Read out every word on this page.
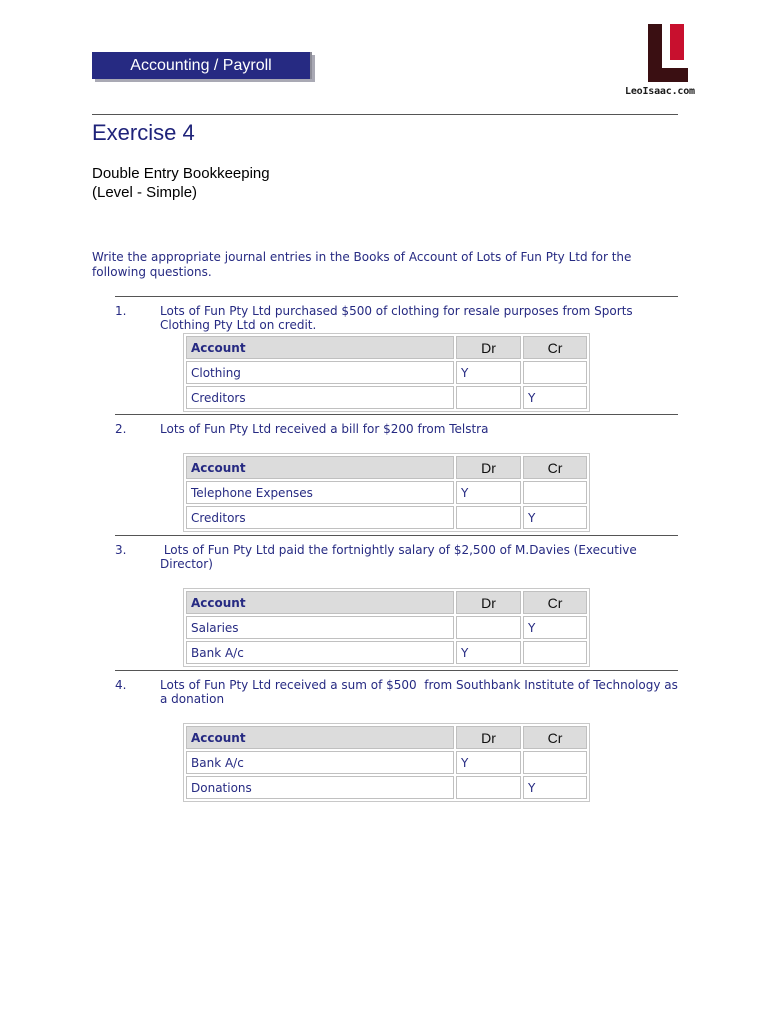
Accounting / Payroll
LeoIsaac.com
Exercise 4
Double Entry Bookkeeping
(Level - Simple)
Write the appropriate journal entries in the Books of Account of Lots of Fun Pty Ltd for the following questions.
1.	Lots of Fun Pty Ltd purchased $500 of clothing for resale purposes from Sports Clothing Pty Ltd on credit.
Account	Dr	Cr
Clothing	Y	
Creditors		Y
2.	Lots of Fun Pty Ltd received a bill for $200 from Telstra
Account	Dr	Cr
Telephone Expenses	Y	
Creditors		Y
3.	Lots of Fun Pty Ltd paid the fortnightly salary of $2,500 of M.Davies (Executive Director)
Account	Dr	Cr
Salaries		Y
Bank A/c	Y	
4.	Lots of Fun Pty Ltd received a sum of $500  from Southbank Institute of Technology as a donation
Account	Dr	Cr
Bank A/c	Y	
Donations		Y
